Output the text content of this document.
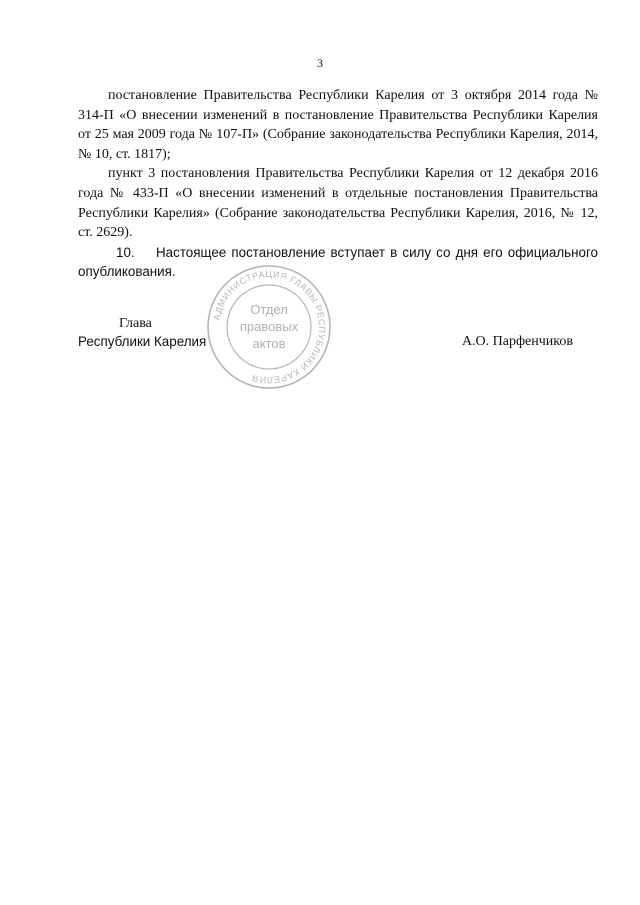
3

постановление Правительства Республики Карелия от 3 октября 2014 года № 314-П «О внесении изменений в постановление Правительства Республики Карелия от 25 мая 2009 года № 107-П» (Собрание законодательства Республики Карелия, 2014, № 10, ст. 1817);

пункт 3 постановления Правительства Республики Карелия от 12 декабря 2016 года № 433-П «О внесении изменений в отдельные постановления Правительства Республики Карелия» (Собрание законодательства Республики Карелия, 2016, № 12, ст. 2629).

10. Настоящее постановление вступает в силу со дня его официального опубликования.

Глава
Республики Карелия	А.О. Парфенчиков
АДМИНИСТРАЦИЯ ГЛАВЫ РЕСПУБЛИКИ КАРЕЛИЯ
Отдел
правовых
актов
